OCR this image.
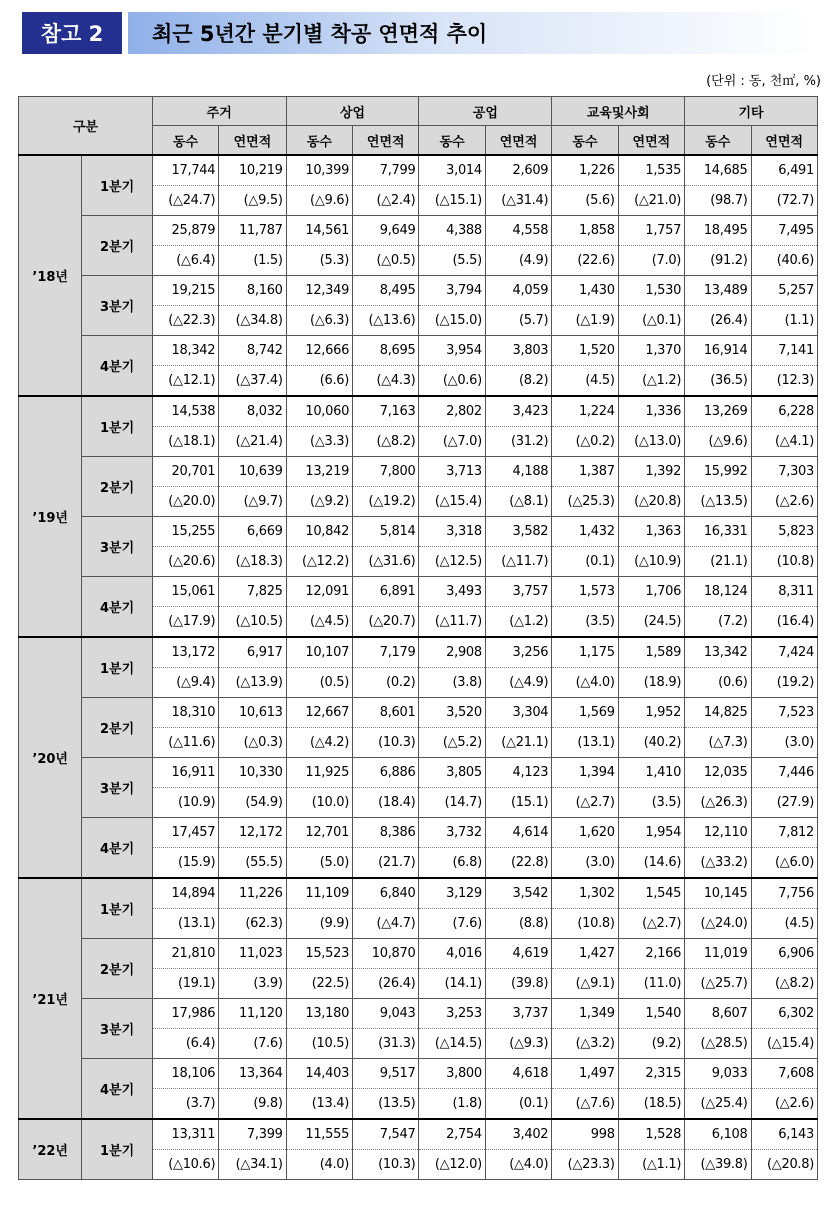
참고 2	최근 5년간 분기별 착공 연면적 추이
(단위 : 동, 천㎡, %)
구분		주거		상업		공업		교육및사회		기타	
		동수	연면적	동수	연면적	동수	연면적	동수	연면적	동수	연면적
’18년	1분기	17,744	10,219	10,399	7,799	3,014	2,609	1,226	1,535	14,685	6,491
		(△24.7)	(△9.5)	(△9.6)	(△2.4)	(△15.1)	(△31.4)	(5.6)	(△21.0)	(98.7)	(72.7)
	2분기	25,879	11,787	14,561	9,649	4,388	4,558	1,858	1,757	18,495	7,495
		(△6.4)	(1.5)	(5.3)	(△0.5)	(5.5)	(4.9)	(22.6)	(7.0)	(91.2)	(40.6)
	3분기	19,215	8,160	12,349	8,495	3,794	4,059	1,430	1,530	13,489	5,257
		(△22.3)	(△34.8)	(△6.3)	(△13.6)	(△15.0)	(5.7)	(△1.9)	(△0.1)	(26.4)	(1.1)
	4분기	18,342	8,742	12,666	8,695	3,954	3,803	1,520	1,370	16,914	7,141
		(△12.1)	(△37.4)	(6.6)	(△4.3)	(△0.6)	(8.2)	(4.5)	(△1.2)	(36.5)	(12.3)
’19년	1분기	14,538	8,032	10,060	7,163	2,802	3,423	1,224	1,336	13,269	6,228
		(△18.1)	(△21.4)	(△3.3)	(△8.2)	(△7.0)	(31.2)	(△0.2)	(△13.0)	(△9.6)	(△4.1)
	2분기	20,701	10,639	13,219	7,800	3,713	4,188	1,387	1,392	15,992	7,303
		(△20.0)	(△9.7)	(△9.2)	(△19.2)	(△15.4)	(△8.1)	(△25.3)	(△20.8)	(△13.5)	(△2.6)
	3분기	15,255	6,669	10,842	5,814	3,318	3,582	1,432	1,363	16,331	5,823
		(△20.6)	(△18.3)	(△12.2)	(△31.6)	(△12.5)	(△11.7)	(0.1)	(△10.9)	(21.1)	(10.8)
	4분기	15,061	7,825	12,091	6,891	3,493	3,757	1,573	1,706	18,124	8,311
		(△17.9)	(△10.5)	(△4.5)	(△20.7)	(△11.7)	(△1.2)	(3.5)	(24.5)	(7.2)	(16.4)
’20년	1분기	13,172	6,917	10,107	7,179	2,908	3,256	1,175	1,589	13,342	7,424
		(△9.4)	(△13.9)	(0.5)	(0.2)	(3.8)	(△4.9)	(△4.0)	(18.9)	(0.6)	(19.2)
	2분기	18,310	10,613	12,667	8,601	3,520	3,304	1,569	1,952	14,825	7,523
		(△11.6)	(△0.3)	(△4.2)	(10.3)	(△5.2)	(△21.1)	(13.1)	(40.2)	(△7.3)	(3.0)
	3분기	16,911	10,330	11,925	6,886	3,805	4,123	1,394	1,410	12,035	7,446
		(10.9)	(54.9)	(10.0)	(18.4)	(14.7)	(15.1)	(△2.7)	(3.5)	(△26.3)	(27.9)
	4분기	17,457	12,172	12,701	8,386	3,732	4,614	1,620	1,954	12,110	7,812
		(15.9)	(55.5)	(5.0)	(21.7)	(6.8)	(22.8)	(3.0)	(14.6)	(△33.2)	(△6.0)
’21년	1분기	14,894	11,226	11,109	6,840	3,129	3,542	1,302	1,545	10,145	7,756
		(13.1)	(62.3)	(9.9)	(△4.7)	(7.6)	(8.8)	(10.8)	(△2.7)	(△24.0)	(4.5)
	2분기	21,810	11,023	15,523	10,870	4,016	4,619	1,427	2,166	11,019	6,906
		(19.1)	(3.9)	(22.5)	(26.4)	(14.1)	(39.8)	(△9.1)	(11.0)	(△25.7)	(△8.2)
	3분기	17,986	11,120	13,180	9,043	3,253	3,737	1,349	1,540	8,607	6,302
		(6.4)	(7.6)	(10.5)	(31.3)	(△14.5)	(△9.3)	(△3.2)	(9.2)	(△28.5)	(△15.4)
	4분기	18,106	13,364	14,403	9,517	3,800	4,618	1,497	2,315	9,033	7,608
		(3.7)	(9.8)	(13.4)	(13.5)	(1.8)	(0.1)	(△7.6)	(18.5)	(△25.4)	(△2.6)
’22년	1분기	13,311	7,399	11,555	7,547	2,754	3,402	998	1,528	6,108	6,143
		(△10.6)	(△34.1)	(4.0)	(10.3)	(△12.0)	(△4.0)	(△23.3)	(△1.1)	(△39.8)	(△20.8)
